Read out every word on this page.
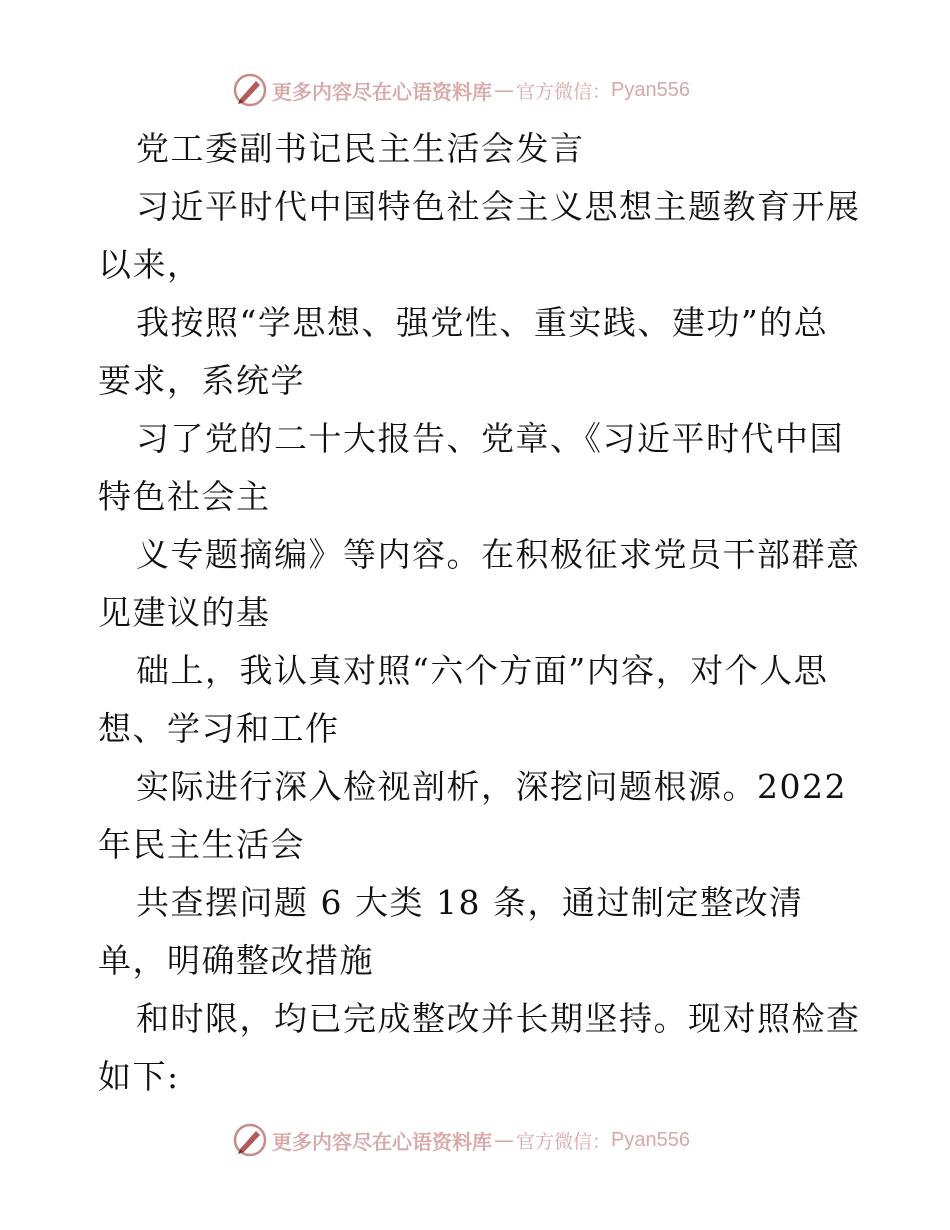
更多内容尽在心语资料库 — 官方微信： Pyan556
党工委副书记民主生活会发言
习近平时代中国特色社会主义思想主题教育开展
以来，
我按照“学思想、强党性、重实践、建功”的总
要求，系统学
习了党的二十大报告、党章、《习近平时代中国
特色社会主
义专题摘编》等内容。在积极征求党员干部群意
见建议的基
础上，我认真对照“六个方面”内容，对个人思
想、学习和工作
实际进行深入检视剖析，深挖问题根源。2022
年民主生活会
共查摆问题 6 大类 18 条，通过制定整改清
单，明确整改措施
和时限，均已完成整改并长期坚持。现对照检查
如下:
更多内容尽在心语资料库 — 官方微信： Pyan556
